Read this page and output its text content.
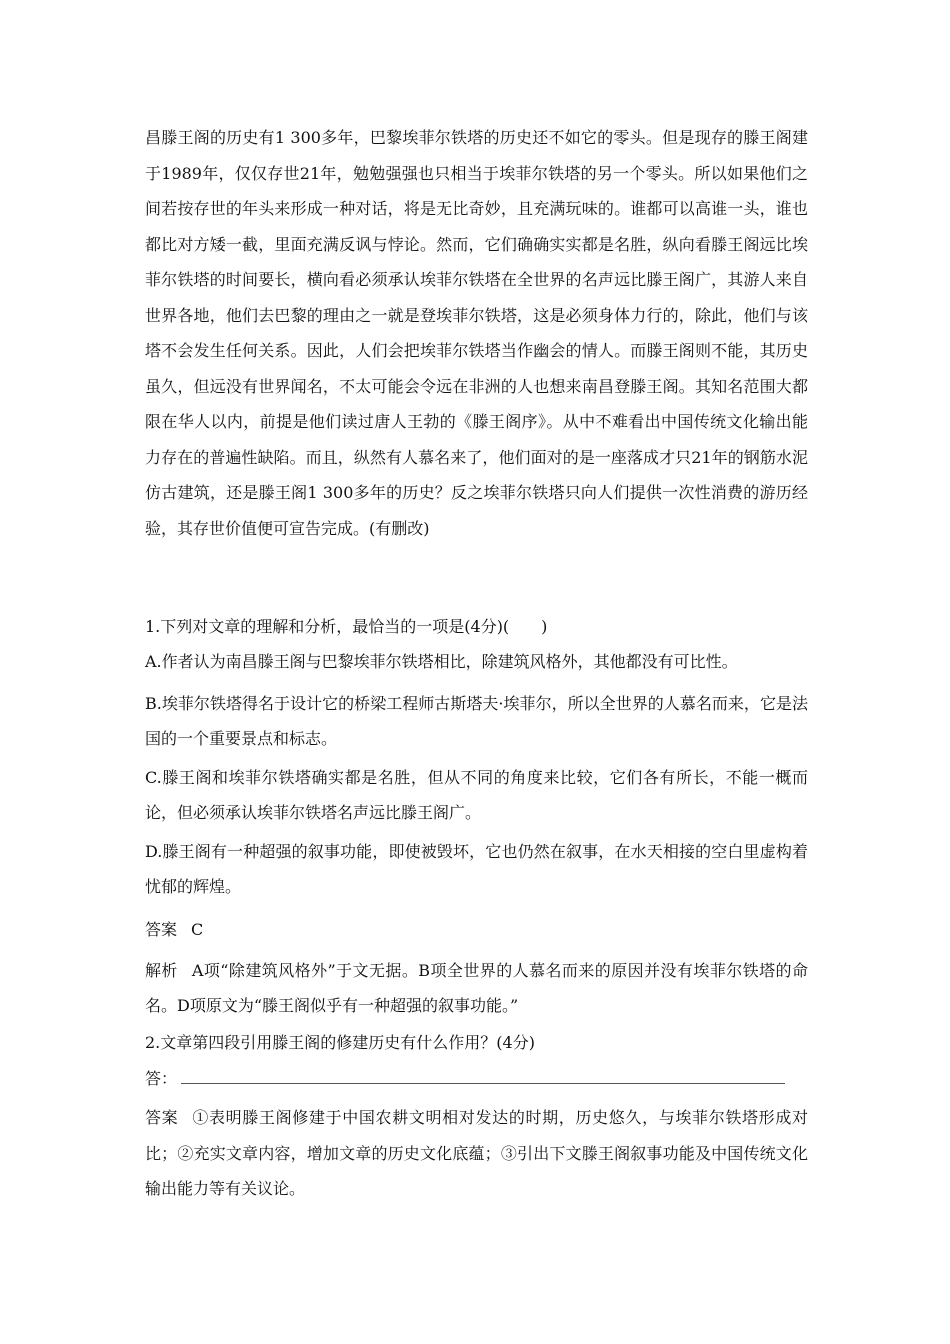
昌滕王阁的历史有1 300多年，巴黎埃菲尔铁塔的历史还不如它的零头。但是现存的滕王阁建于1989年，仅仅存世21年，勉勉强强也只相当于埃菲尔铁塔的另一个零头。所以如果他们之间若按存世的年头来形成一种对话，将是无比奇妙，且充满玩味的。谁都可以高谁一头，谁也都比对方矮一截，里面充满反讽与悖论。然而，它们确确实实都是名胜，纵向看滕王阁远比埃菲尔铁塔的时间要长，横向看必须承认埃菲尔铁塔在全世界的名声远比滕王阁广，其游人来自世界各地，他们去巴黎的理由之一就是登埃菲尔铁塔，这是必须身体力行的，除此，他们与该塔不会发生任何关系。因此，人们会把埃菲尔铁塔当作幽会的情人。而滕王阁则不能，其历史虽久，但远没有世界闻名，不太可能会令远在非洲的人也想来南昌登滕王阁。其知名范围大都限在华人以内，前提是他们读过唐人王勃的《滕王阁序》。从中不难看出中国传统文化输出能力存在的普遍性缺陷。而且，纵然有人慕名来了，他们面对的是一座落成才只21年的钢筋水泥仿古建筑，还是滕王阁1 300多年的历史？反之埃菲尔铁塔只向人们提供一次性消费的游历经验，其存世价值便可宣告完成。(有删改)
1.下列对文章的理解和分析，最恰当的一项是(4分)(　　)
A.作者认为南昌滕王阁与巴黎埃菲尔铁塔相比，除建筑风格外，其他都没有可比性。
B.埃菲尔铁塔得名于设计它的桥梁工程师古斯塔夫·埃菲尔，所以全世界的人慕名而来，它是法国的一个重要景点和标志。
C.滕王阁和埃菲尔铁塔确实都是名胜，但从不同的角度来比较，它们各有所长，不能一概而论，但必须承认埃菲尔铁塔名声远比滕王阁广。
D.滕王阁有一种超强的叙事功能，即使被毁坏，它也仍然在叙事，在水天相接的空白里虚构着忧郁的辉煌。
答案 C
解析 A项“除建筑风格外”于文无据。B项全世界的人慕名而来的原因并没有埃菲尔铁塔的命名。D项原文为“滕王阁似乎有一种超强的叙事功能。”
2.文章第四段引用滕王阁的修建历史有什么作用？(4分)
答：
答案 ①表明滕王阁修建于中国农耕文明相对发达的时期，历史悠久，与埃菲尔铁塔形成对比；②充实文章内容，增加文章的历史文化底蕴；③引出下文滕王阁叙事功能及中国传统文化输出能力等有关议论。
